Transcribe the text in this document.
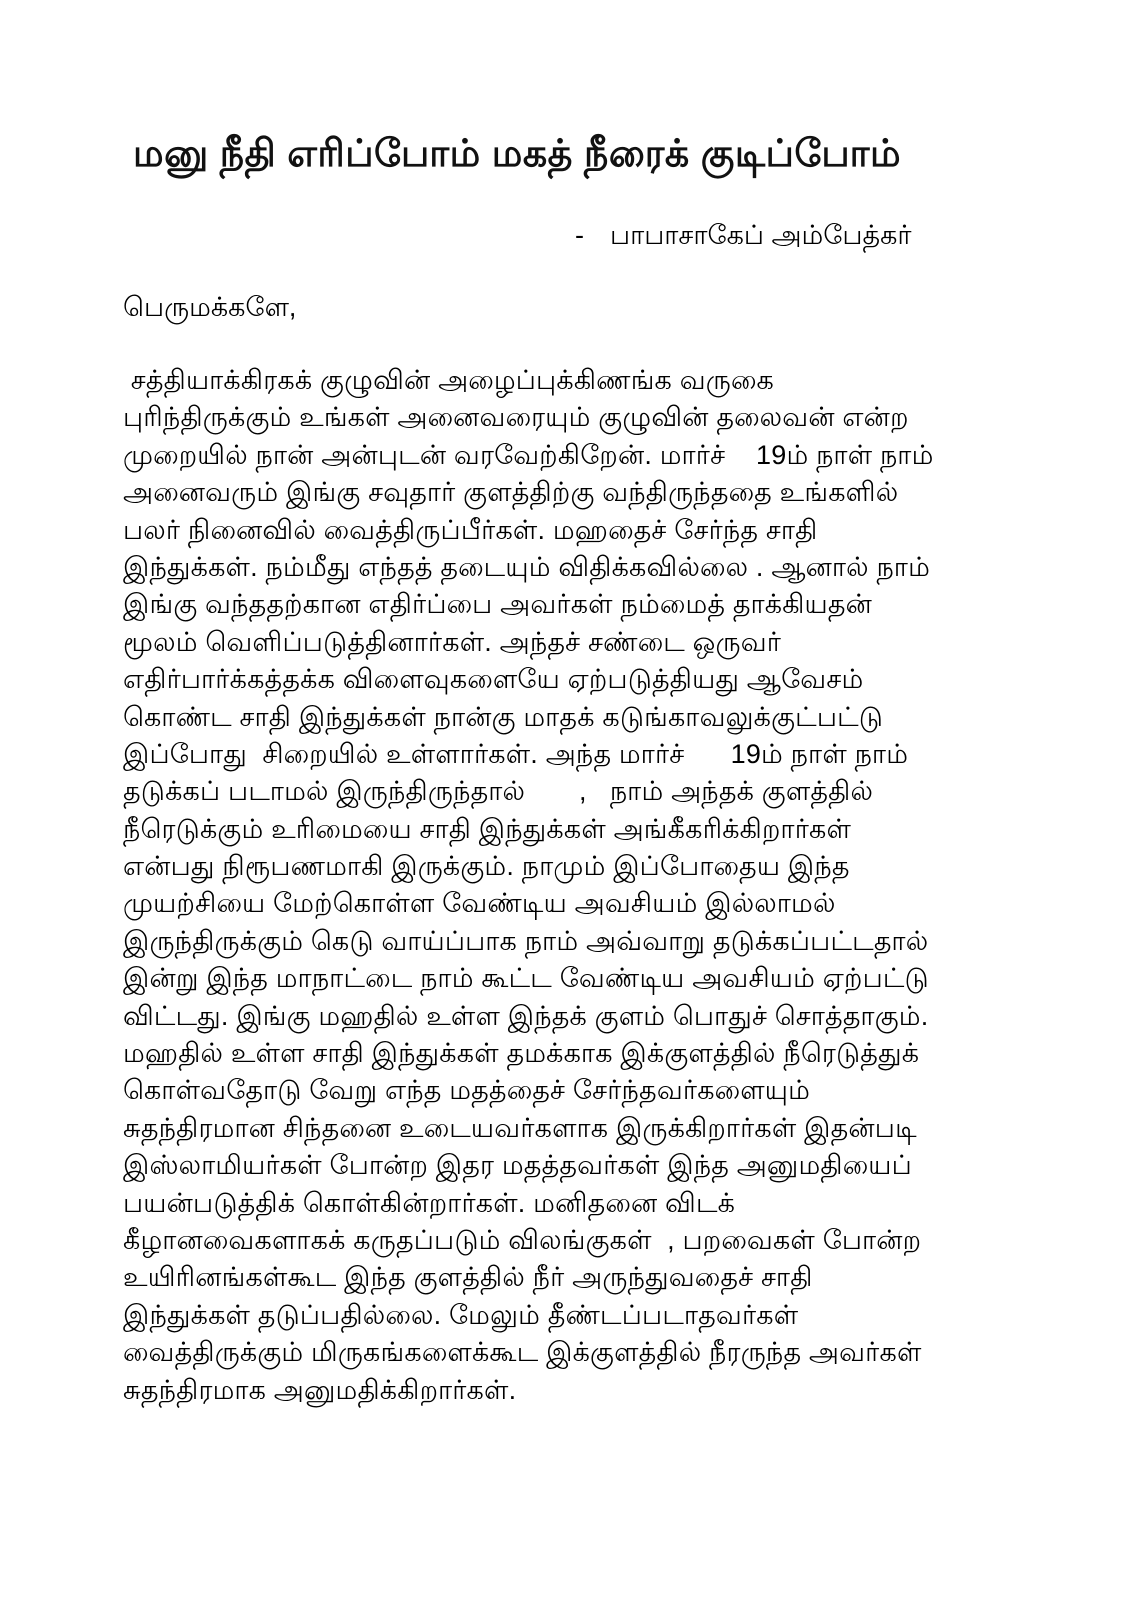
மனு நீதி எரிப்போம் மகத் நீரைக் குடிப்போம்
- பாபாசாகேப் அம்பேத்கர்
பெருமக்களே,
சத்தியாக்கிரகக் குழுவின் அழைப்புக்கிணங்க வருகை
புரிந்திருக்கும் உங்கள் அனைவரையும் குழுவின் தலைவன் என்ற
முறையில் நான் அன்புடன் வரவேற்கிறேன். மார்ச்    19ம் நாள் நாம்
அனைவரும் இங்கு சவுதார் குளத்திற்கு வந்திருந்ததை உங்களில்
பலர் நினைவில் வைத்திருப்பீர்கள். மஹதைச் சேர்ந்த சாதி
இந்துக்கள். நம்மீது எந்தத் தடையும் விதிக்கவில்லை . ஆனால் நாம்
இங்கு வந்ததற்கான எதிர்ப்பை அவர்கள் நம்மைத் தாக்கியதன்
மூலம் வெளிப்படுத்தினார்கள். அந்தச் சண்டை ஒருவர்
எதிர்பார்க்கத்தக்க விளைவுகளையே ஏற்படுத்தியது ஆவேசம்
கொண்ட சாதி இந்துக்கள் நான்கு மாதக் கடுங்காவலுக்குட்பட்டு
இப்போது  சிறையில் உள்ளார்கள். அந்த மார்ச்      19ம் நாள் நாம்
தடுக்கப் படாமல் இருந்திருந்தால்       ,   நாம் அந்தக் குளத்தில்
நீரெடுக்கும் உரிமையை சாதி இந்துக்கள் அங்கீகரிக்கிறார்கள்
என்பது நிரூபணமாகி இருக்கும். நாமும் இப்போதைய இந்த
முயற்சியை மேற்கொள்ள வேண்டிய அவசியம் இல்லாமல்
இருந்திருக்கும் கெடு வாய்ப்பாக நாம் அவ்வாறு தடுக்கப்பட்டதால்
இன்று இந்த மாநாட்டை நாம் கூட்ட வேண்டிய அவசியம் ஏற்பட்டு
விட்டது. இங்கு மஹதில் உள்ள இந்தக் குளம் பொதுச் சொத்தாகும்.
மஹதில் உள்ள சாதி இந்துக்கள் தமக்காக இக்குளத்தில் நீரெடுத்துக்
கொள்வதோடு வேறு எந்த மதத்தைச் சேர்ந்தவர்களையும்
சுதந்திரமான சிந்தனை உடையவர்களாக இருக்கிறார்கள் இதன்படி
இஸ்லாமியர்கள் போன்ற இதர மதத்தவர்கள் இந்த அனுமதியைப்
பயன்படுத்திக் கொள்கின்றார்கள். மனிதனை விடக்
கீழானவைகளாகக் கருதப்படும் விலங்குகள்  , பறவைகள் போன்ற
உயிரினங்கள்கூட இந்த குளத்தில் நீர் அருந்துவதைச் சாதி
இந்துக்கள் தடுப்பதில்லை. மேலும் தீண்டப்படாதவர்கள்
வைத்திருக்கும் மிருகங்களைக்கூட இக்குளத்தில் நீரருந்த அவர்கள்
சுதந்திரமாக அனுமதிக்கிறார்கள்.
